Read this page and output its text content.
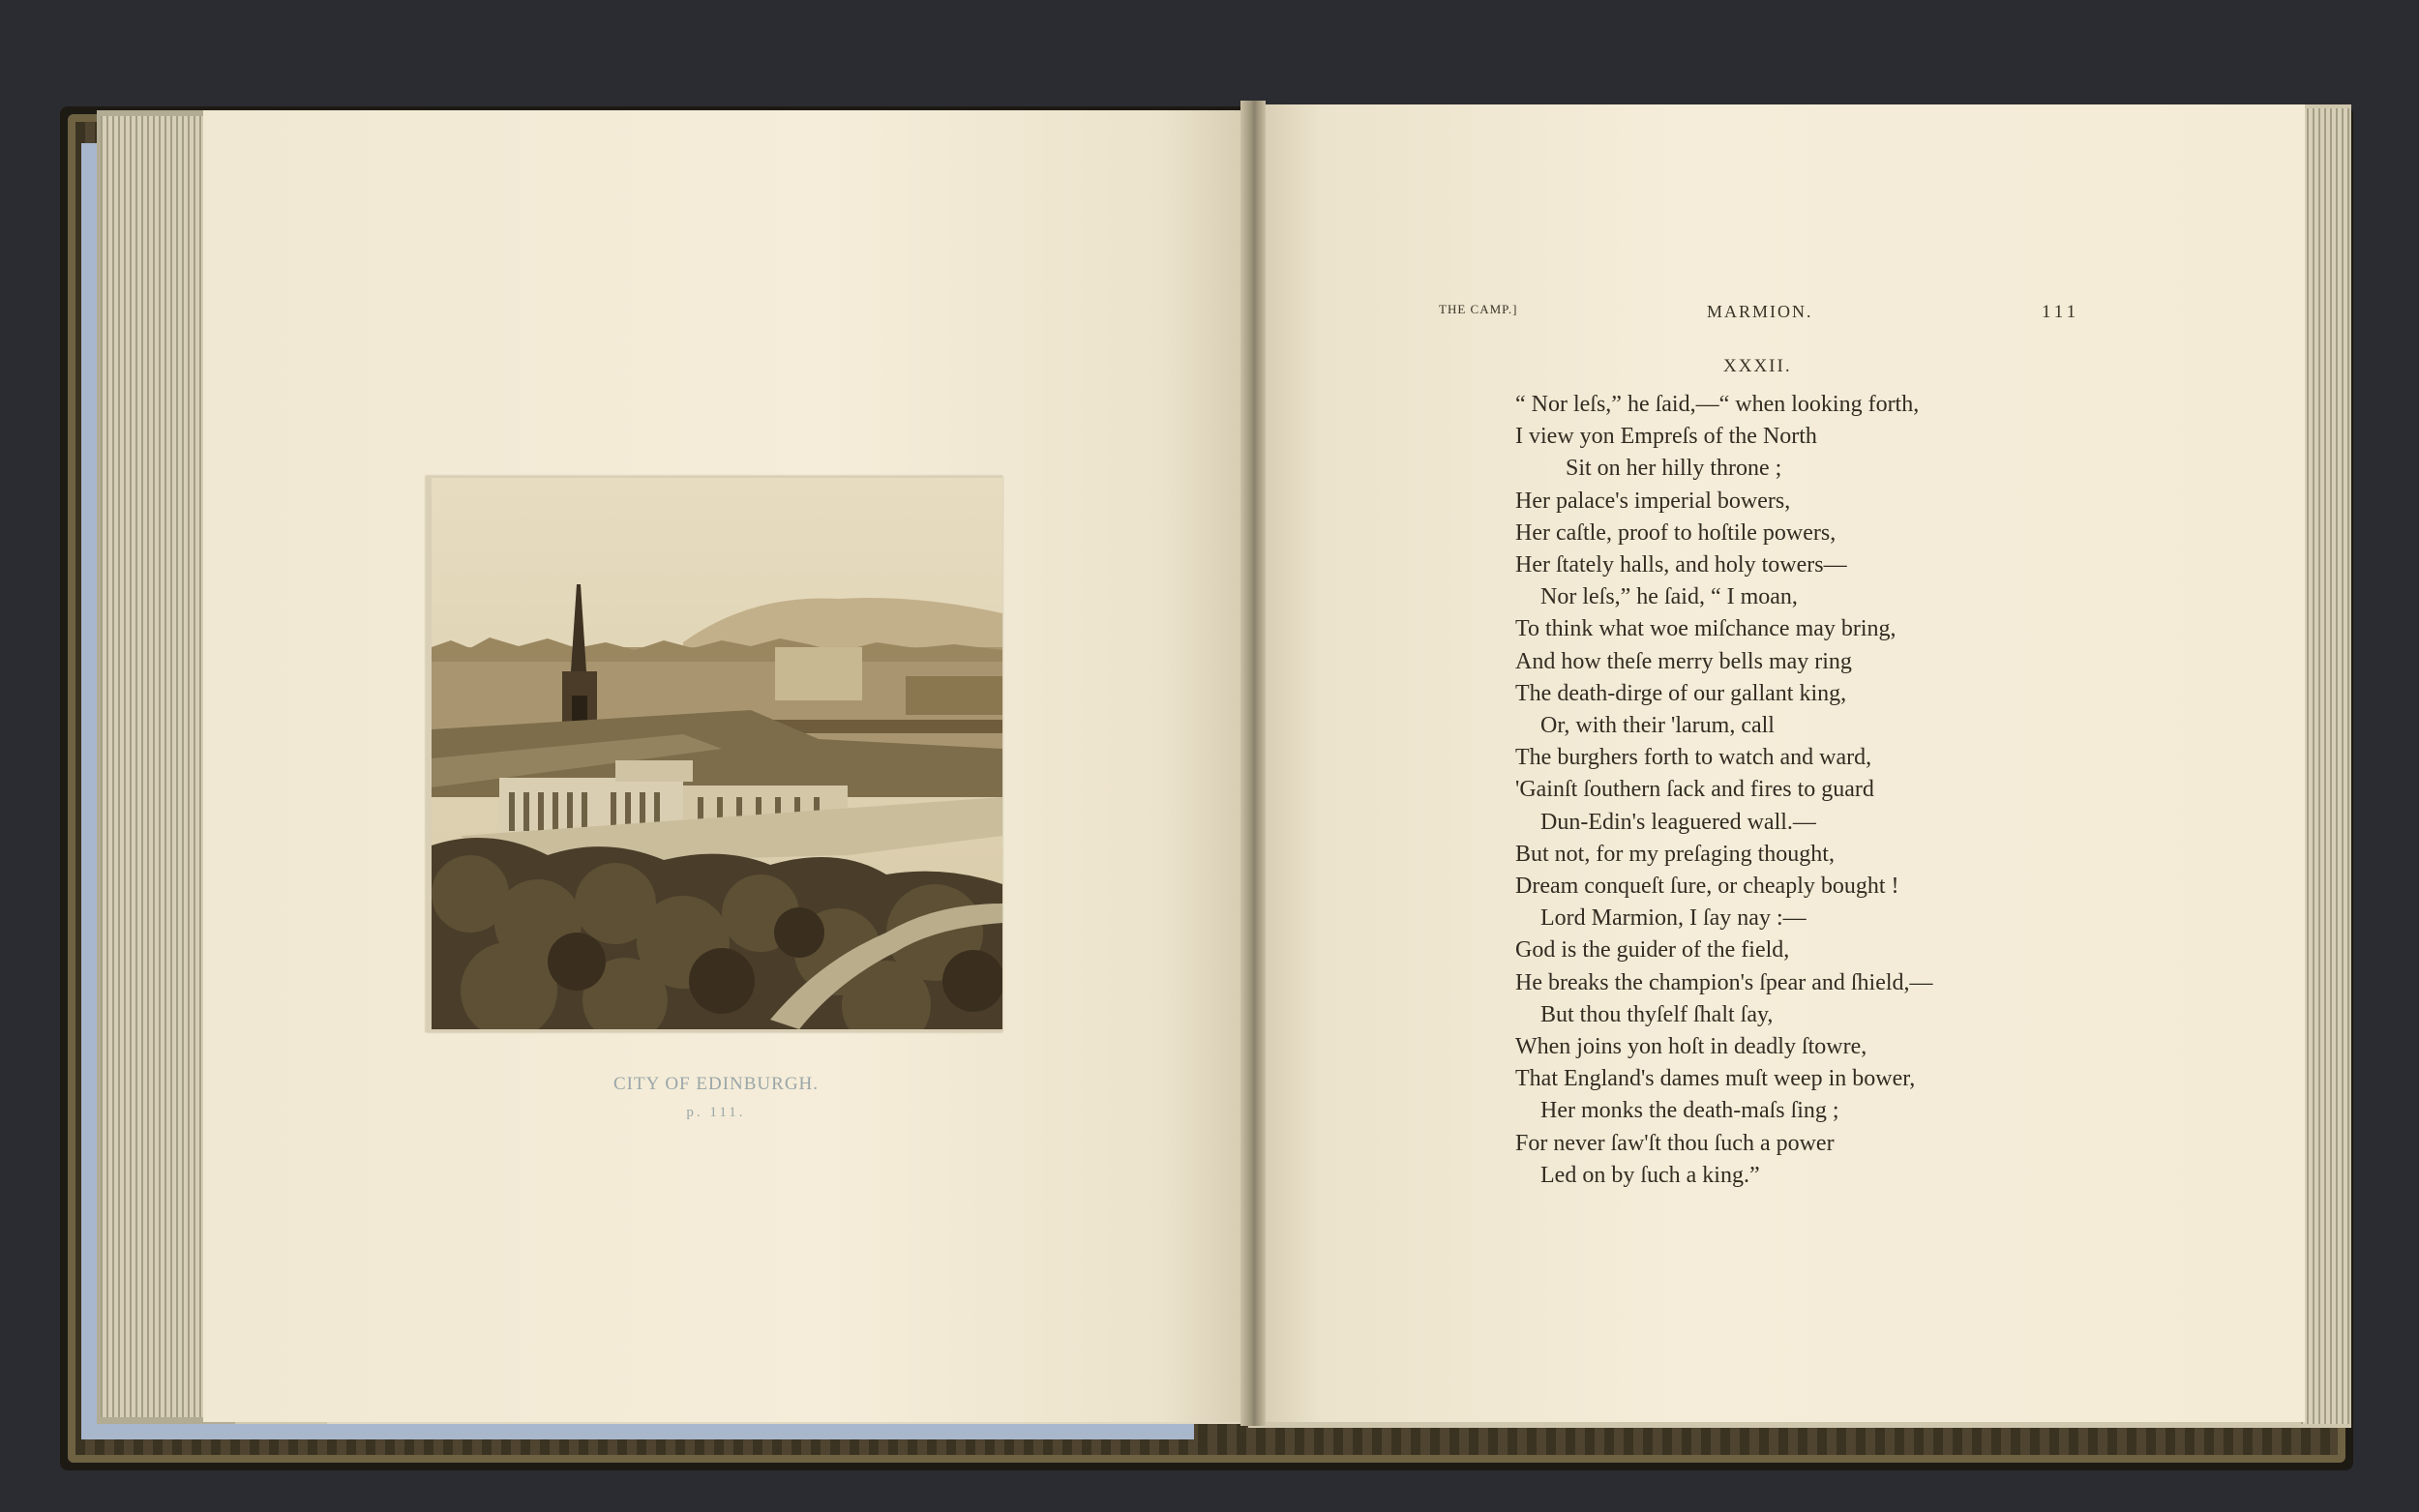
CITY OF EDINBURGH.
p. 111.
THE CAMP.]	MARMION.	111
XXXII.
“ Nor leſs,” he ſaid,—“ when looking forth,
I view yon Empreſs of the North
Sit on her hilly throne ;
Her palace's imperial bowers,
Her caſtle, proof to hoſtile powers,
Her ſtately halls, and holy towers—
Nor leſs,” he ſaid, “ I moan,
To think what woe miſchance may bring,
And how theſe merry bells may ring
The death-dirge of our gallant king,
Or, with their 'larum, call
The burghers forth to watch and ward,
'Gainſt ſouthern ſack and fires to guard
Dun-Edin's leaguered wall.—
But not, for my preſaging thought,
Dream conqueſt ſure, or cheaply bought !
Lord Marmion, I ſay nay :—
God is the guider of the field,
He breaks the champion's ſpear and ſhield,—
But thou thyſelf ſhalt ſay,
When joins yon hoſt in deadly ſtowre,
That England's dames muſt weep in bower,
Her monks the death-maſs ſing ;
For never ſaw'ſt thou ſuch a power
Led on by ſuch a king.”
